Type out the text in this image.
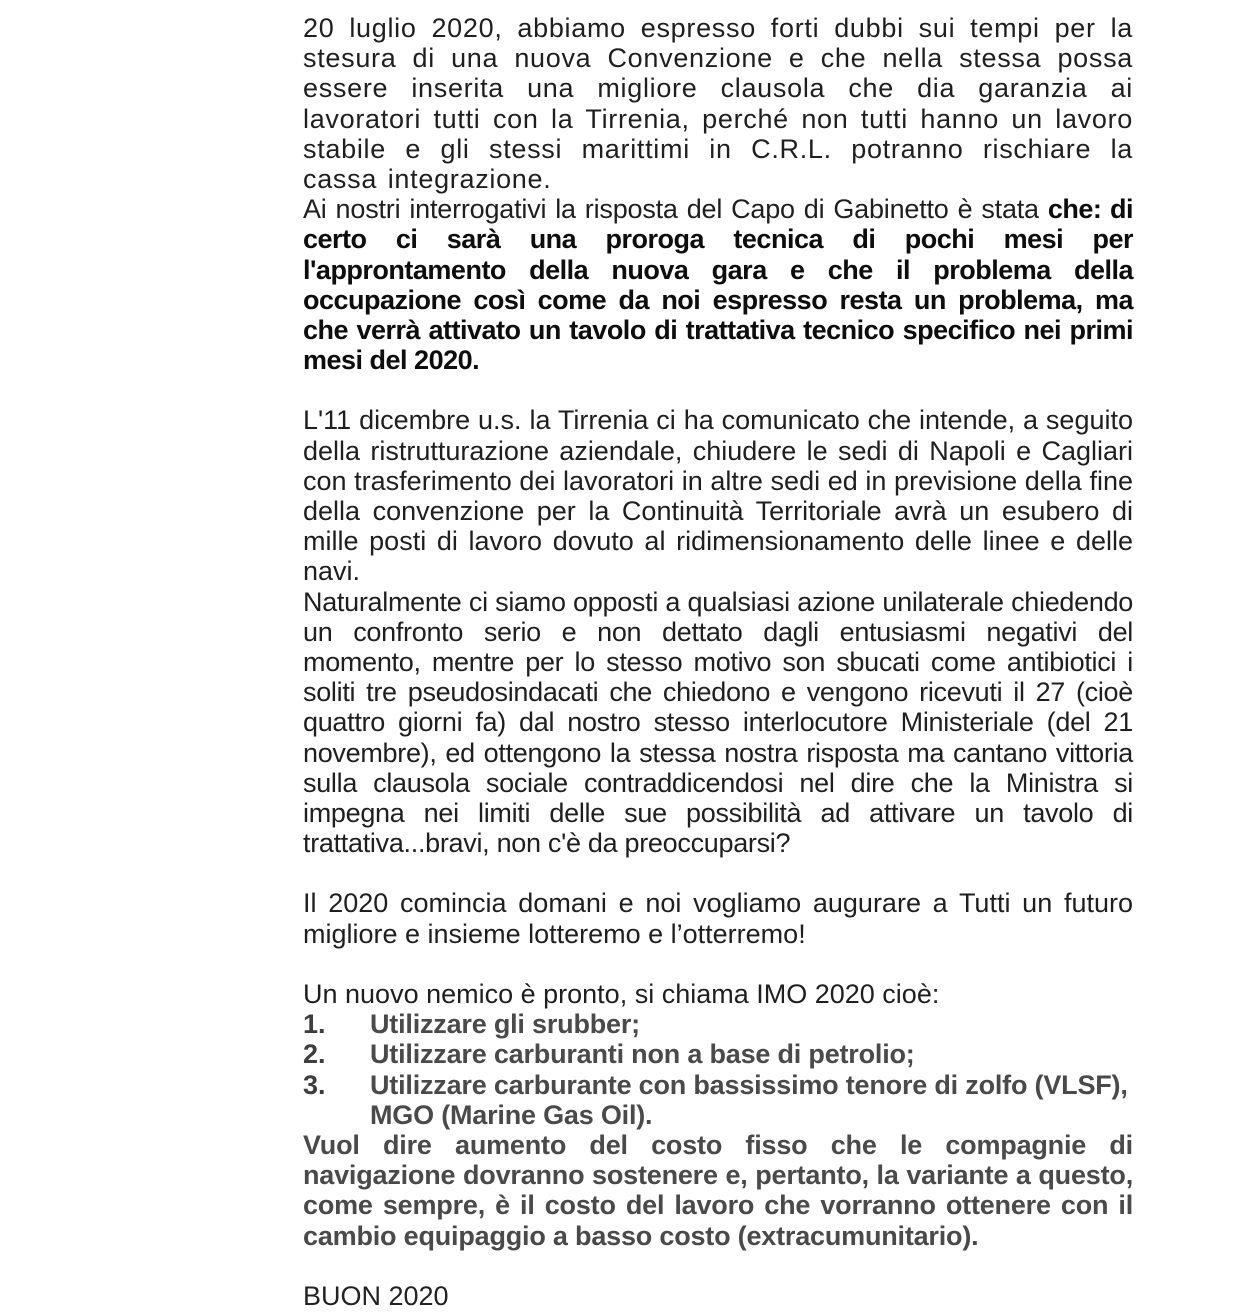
20 luglio 2020, abbiamo espresso forti dubbi sui tempi per la stesura di una nuova Convenzione e che nella stessa possa essere inserita una migliore clausola che dia garanzia ai lavoratori tutti con la Tirrenia, perché non tutti hanno un lavoro stabile e gli stessi marittimi in C.R.L. potranno rischiare la cassa integrazione.

Ai nostri interrogativi la risposta del Capo di Gabinetto è stata che: di certo ci sarà una proroga tecnica di pochi mesi per l'approntamento della nuova gara e che il problema della occupazione così come da noi espresso resta un problema, ma che verrà attivato un tavolo di trattativa tecnico specifico nei primi mesi del 2020.

L'11 dicembre u.s. la Tirrenia ci ha comunicato che intende, a seguito della ristrutturazione aziendale, chiudere le sedi di Napoli e Cagliari con trasferimento dei lavoratori in altre sedi ed in previsione della fine della convenzione per la Continuità Territoriale avrà un esubero di mille posti di lavoro dovuto al ridimensionamento delle linee e delle navi.

Naturalmente ci siamo opposti a qualsiasi azione unilaterale chiedendo un confronto serio e non dettato dagli entusiasmi negativi del momento, mentre per lo stesso motivo son sbucati come antibiotici i soliti tre pseudosindacati che chiedono e vengono ricevuti il 27 (cioè quattro giorni fa) dal nostro stesso interlocutore Ministeriale (del 21 novembre), ed ottengono la stessa nostra risposta ma cantano vittoria sulla clausola sociale contraddicendosi nel dire che la Ministra si impegna nei limiti delle sue possibilità ad attivare un tavolo di trattativa...bravi, non c'è da preoccuparsi?

Il 2020 comincia domani e noi vogliamo augurare a Tutti un futuro migliore e insieme lotteremo e l’otterremo!

Un nuovo nemico è pronto, si chiama IMO 2020 cioè:

1.	Utilizzare gli srubber;
2.	Utilizzare carburanti non a base di petrolio;
3.	Utilizzare carburante con bassissimo tenore di zolfo (VLSF), MGO (Marine Gas Oil).

Vuol dire aumento del costo fisso che le compagnie di navigazione dovranno sostenere e, pertanto, la variante a questo, come sempre, è il costo del lavoro che vorranno ottenere con il cambio equipaggio a basso costo (extracumunitario).

BUON 2020
